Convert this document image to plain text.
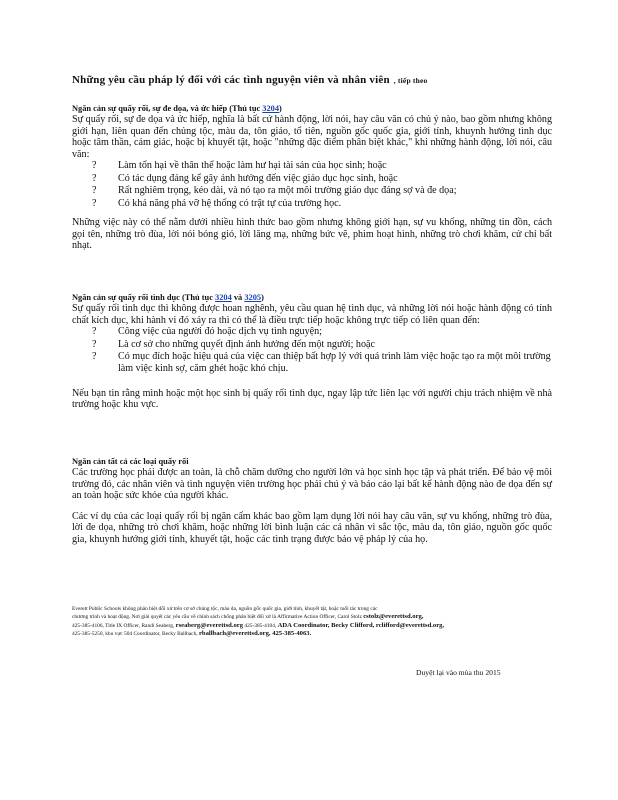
Những yêu cầu pháp lý đối với các tình nguyện viên và nhân viên , tiếp theo
Ngăn cản sự quấy rối, sự đe dọa, và ức hiếp (Thủ tục 3204)

Sự quấy rối, sự đe dọa và ức hiếp, nghĩa là bất cứ hành động, lời nói, hay câu văn có chủ ý nào, bao gồm nhưng không giới hạn, liên quan đến chủng tộc, màu da, tôn giáo, tổ tiên, nguồn gốc quốc gia, giới tính, khuynh hướng tình dục hoặc tâm thần, cảm giác, hoặc bị khuyết tật, hoặc "những đặc điểm phân biệt khác," khi những hành động, lời nói, câu văn:

? Làm tổn hại về thân thể hoặc làm hư hại tài sản của học sinh; hoặc
? Có tác dụng đáng kể gây ảnh hưởng đến việc giáo dục học sinh, hoặc
? Rất nghiêm trọng, kéo dài, và nó tạo ra một môi trường giáo dục đáng sợ và đe dọa;
? Có khả năng phá vỡ hệ thống có trật tự của trường học.

Những việc này có thể nằm dưới nhiều hình thức bao gồm nhưng không giới hạn, sự vu khống, những tin đồn, cách gọi tên, những trò đùa, lời nói bóng gió, lời lăng mạ, những bức vẽ, phim hoạt hình, những trò chơi khăm, cử chỉ bất nhạt.

Ngăn cản sự quấy rối tình dục (Thủ tục 3204 và 3205)

Sự quấy rối tình dục thì không được hoan nghênh, yêu cầu quan hệ tình dục, và những lời nói hoặc hành động có tính chất kích dục, khi hành vi đó xảy ra thì có thể là điều trực tiếp hoặc không trực tiếp có liên quan đến:

? Công việc của người đó hoặc dịch vụ tình nguyện;
? Là cơ sở cho những quyết định ảnh hưởng đến một người; hoặc
? Có mục đích hoặc hiệu quả của việc can thiệp bất hợp lý với quá trình làm việc hoặc tạo ra một môi trường làm việc kinh sợ, căm ghét hoặc khó chịu.

Nếu bạn tin rằng mình hoặc một học sinh bị quấy rối tình dục, ngay lập tức liên lạc với người chịu trách nhiệm về nhà trường hoặc khu vực.

Ngăn cản tất cả các loại quấy rối

Các trường học phải được an toàn, là chỗ chăm dưỡng cho người lớn và học sinh học tập và phát triển. Để bảo vệ môi trường đó, các nhân viên và tình nguyện viên trường học phải chú ý và báo cáo lại bất kể hành động nào đe dọa đến sự an toàn hoặc sức khỏe của người khác.

Các ví dụ của các loại quấy rối bị ngăn cấm khác bao gồm lạm dụng lời nói hay câu văn, sự vu khống, những trò đùa, lời đe dọa, những trò chơi khăm, hoặc những lời bình luận các cá nhân vì sắc tộc, màu da, tôn giáo, nguồn gốc quốc gia, khuynh hướng giới tính, khuyết tật, hoặc các tình trạng được bảo vệ pháp lý của họ.

Everett Public Schools không phân biệt đối xử trên cơ sở chủng tộc, màu da, nguồn gốc quốc gia, giới tính, khuyết tật, hoặc tuổi tác trong các
chương trình và hoạt động. Nơi giải quyết các yêu cầu về chính sách chống phân biệt đối xử là Affirmative Action Officer, Carol Stolz cstolz@everettsd.org,
425-385-4106, Title IX Officer, Randi Seaberg, rseaberg@everettsd.org 425-385-4104, ADA Coordinator, Becky Clifford, rclifford@everettsd.org,
425-385-5250, khu vực 504 Coordinator, Becky Ballbach, rballbach@everettsd.org, 425-385-4063.
Duyệt lại vào mùa thu 2015
